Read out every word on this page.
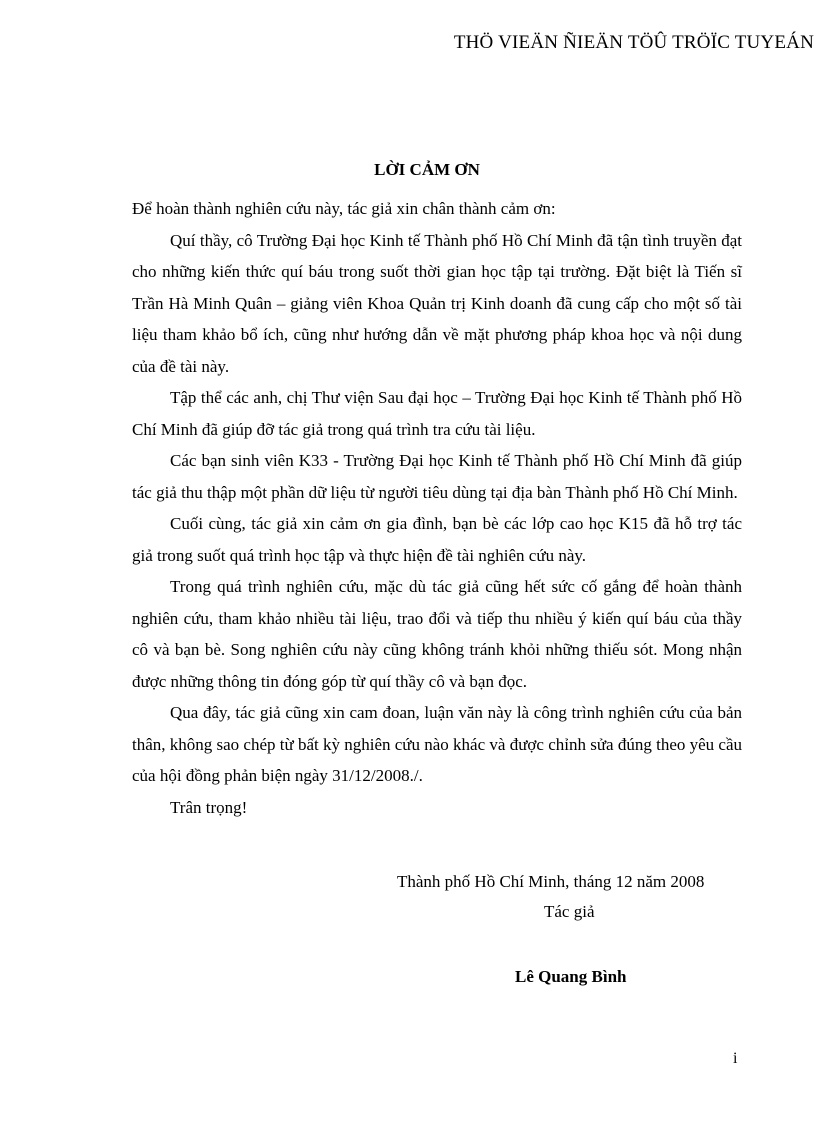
THÖ VIEÄN ÑIEÄN TÖÛ TRÖÏC TUYEÁN
LỜI CẢM ƠN

Để hoàn thành nghiên cứu này, tác giả xin chân thành cảm ơn:

Quí thầy, cô Trường Đại học Kinh tế Thành phố Hồ Chí Minh đã tận tình truyền đạt cho những kiến thức quí báu trong suốt thời gian học tập tại trường. Đặt biệt là Tiến sĩ Trần Hà Minh Quân – giảng viên Khoa Quản trị Kinh doanh đã cung cấp cho một số tài liệu tham khảo bổ ích, cũng như hướng dẫn về mặt phương pháp khoa học và nội dung của đề tài này.

Tập thể các anh, chị Thư viện Sau đại học – Trường Đại học Kinh tế Thành phố Hồ Chí Minh đã giúp đỡ tác giả trong quá trình tra cứu tài liệu.

Các bạn sinh viên K33 - Trường Đại học Kinh tế Thành phố Hồ Chí Minh đã giúp tác giả thu thập một phần dữ liệu từ người tiêu dùng tại địa bàn Thành phố Hồ Chí Minh.

Cuối cùng, tác giả xin cảm ơn gia đình, bạn bè các lớp cao học K15 đã hỗ trợ tác giả trong suốt quá trình học tập và thực hiện đề tài nghiên cứu này.

Trong quá trình nghiên cứu, mặc dù tác giả cũng hết sức cố gắng để hoàn thành nghiên cứu, tham khảo nhiều tài liệu, trao đổi và tiếp thu nhiều ý kiến quí báu của thầy cô và bạn bè. Song nghiên cứu này cũng không tránh khỏi những thiếu sót. Mong nhận được những thông tin đóng góp từ quí thầy cô và bạn đọc.

Qua đây, tác giả cũng xin cam đoan, luận văn này là công trình nghiên cứu của bản thân, không sao chép từ bất kỳ nghiên cứu nào khác và được chỉnh sửa đúng theo yêu cầu của hội đồng phản biện ngày 31/12/2008./.

Trân trọng!

Thành phố Hồ Chí Minh, tháng 12 năm 2008
Tác giả
Lê Quang Bình
i
